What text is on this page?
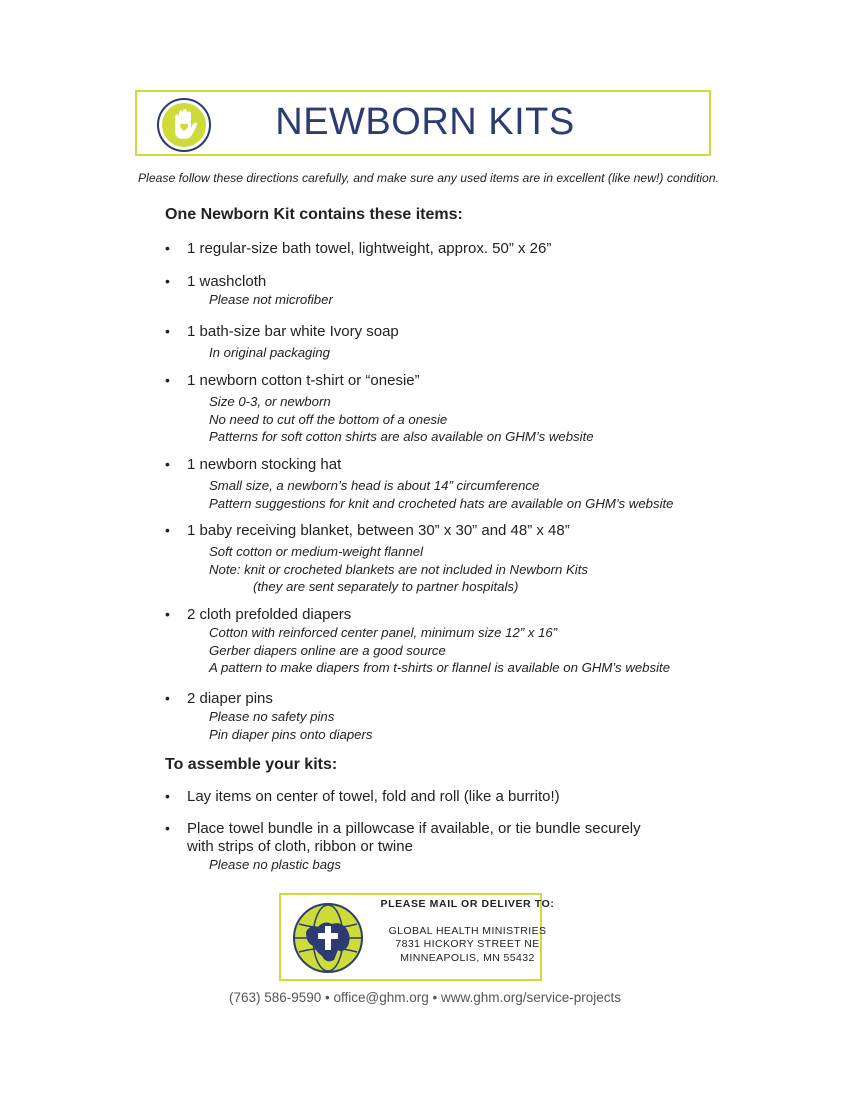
NEWBORN KITS
Please follow these directions carefully, and make sure any used items are in excellent (like new!) condition.
One Newborn Kit contains these items:
• 1 regular-size bath towel, lightweight, approx. 50” x 26”
• 1 washcloth
Please not microfiber
• 1 bath-size bar white Ivory soap
In original packaging
• 1 newborn cotton t-shirt or “onesie”
Size 0-3, or newborn
No need to cut off the bottom of a onesie
Patterns for soft cotton shirts are also available on GHM’s website
• 1 newborn stocking hat
Small size, a newborn’s head is about 14” circumference
Pattern suggestions for knit and crocheted hats are available on GHM’s website
• 1 baby receiving blanket, between 30” x 30” and 48” x 48”
Soft cotton or medium-weight flannel
Note: knit or crocheted blankets are not included in Newborn Kits
(they are sent separately to partner hospitals)
• 2 cloth prefolded diapers
Cotton with reinforced center panel, minimum size 12” x 16”
Gerber diapers online are a good source
A pattern to make diapers from t-shirts or flannel is available on GHM’s website
• 2 diaper pins
Please no safety pins
Pin diaper pins onto diapers
To assemble your kits:
• Lay items on center of towel, fold and roll (like a burrito!)
• Place towel bundle in a pillowcase if available, or tie bundle securely with strips of cloth, ribbon or twine
Please no plastic bags
PLEASE MAIL OR DELIVER TO:
GLOBAL HEALTH MINISTRIES
7831 HICKORY STREET NE
MINNEAPOLIS, MN 55432
(763) 586-9590 • office@ghm.org • www.ghm.org/service-projects
